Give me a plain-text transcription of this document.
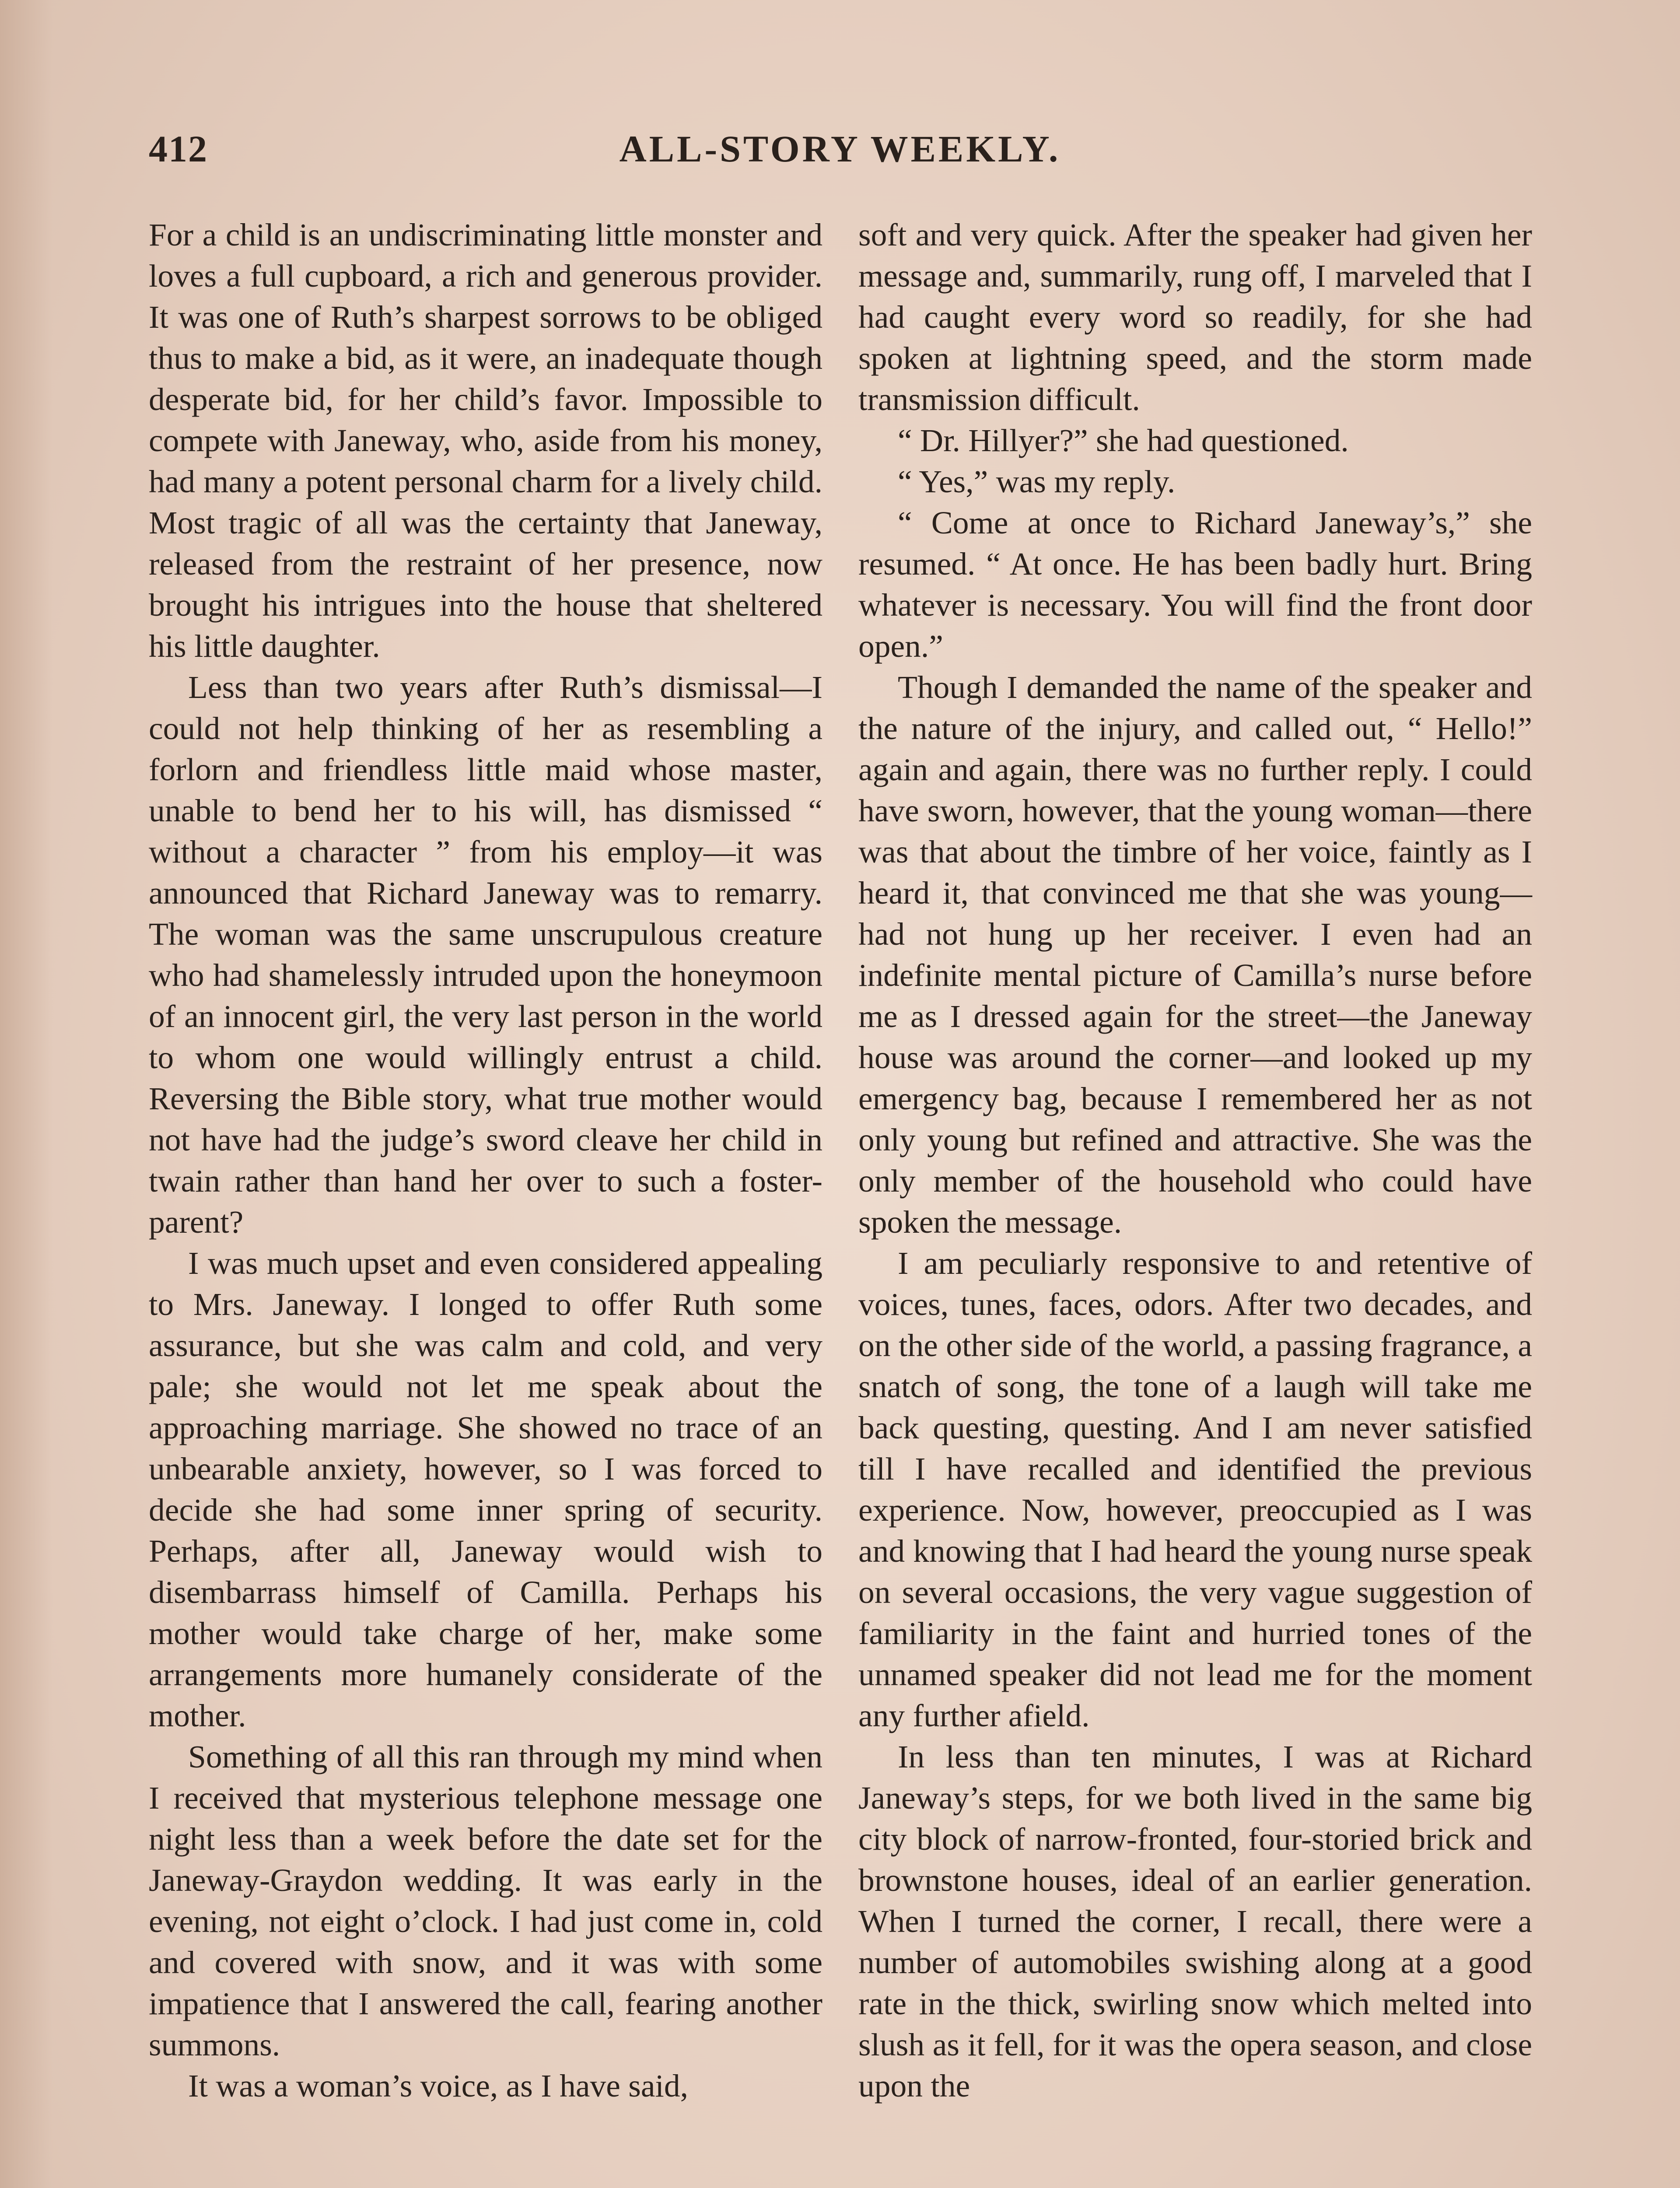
ALL-STORY WEEKLY.
412

For a child is an undiscriminating little monster and loves a full cupboard, a rich and generous provider. It was one of Ruth’s sharpest sorrows to be obliged thus to make a bid, as it were, an inadequate though desperate bid, for her child’s favor. Impossible to compete with Janeway, who, aside from his money, had many a potent personal charm for a lively child. Most tragic of all was the certainty that Janeway, released from the restraint of her presence, now brought his intrigues into the house that sheltered his little daughter.

Less than two years after Ruth’s dismissal—I could not help thinking of her as resembling a forlorn and friendless little maid whose master, unable to bend her to his will, has dismissed “ without a character ” from his employ—it was announced that Richard Janeway was to remarry. The woman was the same unscrupulous creature who had shamelessly intruded upon the honeymoon of an innocent girl, the very last person in the world to whom one would willingly entrust a child. Reversing the Bible story, what true mother would not have had the judge’s sword cleave her child in twain rather than hand her over to such a foster-parent?

I was much upset and even considered appealing to Mrs. Janeway. I longed to offer Ruth some assurance, but she was calm and cold, and very pale; she would not let me speak about the approaching marriage. She showed no trace of an unbearable anxiety, however, so I was forced to decide she had some inner spring of security. Perhaps, after all, Janeway would wish to disembarrass himself of Camilla. Perhaps his mother would take charge of her, make some arrangements more humanely considerate of the mother.

Something of all this ran through my mind when I received that mysterious telephone message one night less than a week before the date set for the Janeway-Graydon wedding. It was early in the evening, not eight o’clock. I had just come in, cold and covered with snow, and it was with some impatience that I answered the call, fearing another summons.

It was a woman’s voice, as I have said,

soft and very quick. After the speaker had given her message and, summarily, rung off, I marveled that I had caught every word so readily, for she had spoken at lightning speed, and the storm made transmission difficult.

“ Dr. Hillyer?” she had questioned.

“ Yes,” was my reply.

“ Come at once to Richard Janeway’s,” she resumed. “ At once. He has been badly hurt. Bring whatever is necessary. You will find the front door open.”

Though I demanded the name of the speaker and the nature of the injury, and called out, “ Hello!” again and again, there was no further reply. I could have sworn, however, that the young woman—there was that about the timbre of her voice, faintly as I heard it, that convinced me that she was young—had not hung up her receiver. I even had an indefinite mental picture of Camilla’s nurse before me as I dressed again for the street—the Janeway house was around the corner—and looked up my emergency bag, because I remembered her as not only young but refined and attractive. She was the only member of the household who could have spoken the message.

I am peculiarly responsive to and retentive of voices, tunes, faces, odors. After two decades, and on the other side of the world, a passing fragrance, a snatch of song, the tone of a laugh will take me back questing, questing. And I am never satisfied till I have recalled and identified the previous experience. Now, however, preoccupied as I was and knowing that I had heard the young nurse speak on several occasions, the very vague suggestion of familiarity in the faint and hurried tones of the unnamed speaker did not lead me for the moment any further afield.

In less than ten minutes, I was at Richard Janeway’s steps, for we both lived in the same big city block of narrow-fronted, four-storied brick and brownstone houses, ideal of an earlier generation. When I turned the corner, I recall, there were a number of automobiles swishing along at a good rate in the thick, swirling snow which melted into slush as it fell, for it was the opera season, and close upon the
